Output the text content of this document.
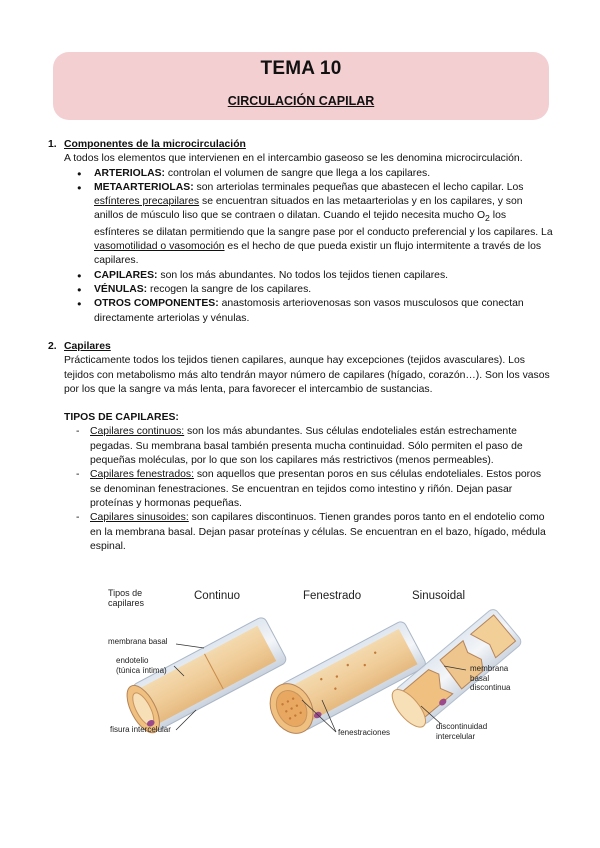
TEMA 10
CIRCULACIÓN CAPILAR
1. Componentes de la microcirculación
A todos los elementos que intervienen en el intercambio gaseoso se les denomina microcirculación.
● ARTERIOLAS: controlan el volumen de sangre que llega a los capilares.
● METAARTERIOLAS: son arteriolas terminales pequeñas que abastecen el lecho capilar. Los esfínteres precapilares se encuentran situados en las metaarteriolas y en los capilares, y son anillos de músculo liso que se contraen o dilatan. Cuando el tejido necesita mucho $O_2$ los esfínteres se dilatan permitiendo que la sangre pase por el conducto preferencial y los capilares. La vasomotilidad o vasomoción es el hecho de que pueda existir un flujo intermitente a través de los capilares.
● CAPILARES: son los más abundantes. No todos los tejidos tienen capilares.
● VÉNULAS: recogen la sangre de los capilares.
● OTROS COMPONENTES: anastomosis arteriovenosas son vasos musculosos que conectan directamente arteriolas y vénulas.
2. Capilares
Prácticamente todos los tejidos tienen capilares, aunque hay excepciones (tejidos avasculares). Los tejidos con metabolismo más alto tendrán mayor número de capilares (hígado, corazón…). Son los vasos por los que la sangre va más lenta, para favorecer el intercambio de sustancias.
TIPOS DE CAPILARES:
- Capilares continuos: son los más abundantes. Sus células endoteliales están estrechamente pegadas. Su membrana basal también presenta mucha continuidad. Sólo permiten el paso de pequeñas moléculas, por lo que son los capilares más restrictivos (menos permeables).
- Capilares fenestrados: son aquellos que presentan poros en sus células endoteliales. Estos poros se denominan fenestraciones. Se encuentran en tejidos como intestino y riñón. Dejan pasar proteínas y hormonas pequeñas.
- Capilares sinusoides: son capilares discontinuos. Tienen grandes poros tanto en el endotelio como en la membrana basal. Dejan pasar proteínas y células. Se encuentran en el bazo, hígado, médula espinal.
Tipos de
capilares
Continuo	Fenestrado	Sinusoidal
membrana basal
endotelio
(túnica íntima)
fisura intercelular	fenestraciones
membrana
basal
discontinua
discontinuidad
intercelular
